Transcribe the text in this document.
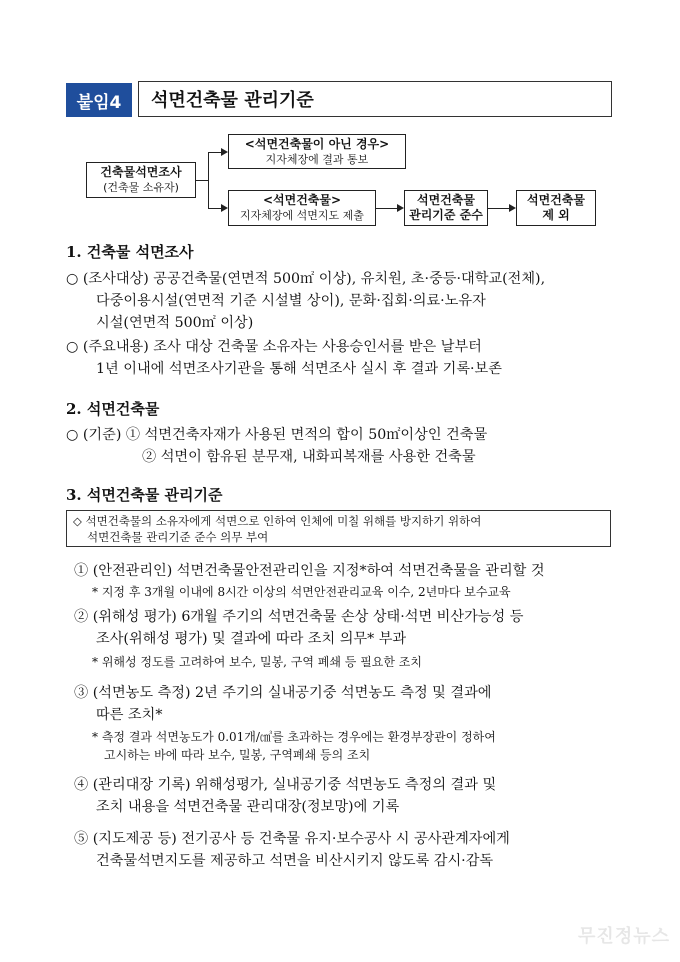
붙임4	석면건축물 관리기준
건축물석면조사
(건축물 소유자)
<석면건축물이 아닌 경우>
지자체장에 결과 통보
<석면건축물>
지자체장에 석면지도 제출
석면건축물
관리기준 준수
석면건축물
제 외
1. 건축물 석면조사
○ (조사대상) 공공건축물(연면적 500㎡ 이상), 유치원, 초·중등·대학교(전체),
다중이용시설(연면적 기준 시설별 상이), 문화·집회·의료·노유자
시설(연면적 500㎡ 이상)
○ (주요내용) 조사 대상 건축물 소유자는 사용승인서를 받은 날부터
1년 이내에 석면조사기관을 통해 석면조사 실시 후 결과 기록·보존
2. 석면건축물
○ (기준) ① 석면건축자재가 사용된 면적의 합이 50㎡이상인 건축물
② 석면이 함유된 분무재, 내화피복재를 사용한 건축물
3. 석면건축물 관리기준
◇ 석면건축물의 소유자에게 석면으로 인하여 인체에 미칠 위해를 방지하기 위하여
석면건축물 관리기준 준수 의무 부여
① (안전관리인) 석면건축물안전관리인을 지정*하여 석면건축물을 관리할 것
* 지정 후 3개월 이내에 8시간 이상의 석면안전관리교육 이수, 2년마다 보수교육
② (위해성 평가) 6개월 주기의 석면건축물 손상 상태·석면 비산가능성 등
조사(위해성 평가) 및 결과에 따라 조치 의무* 부과
* 위해성 정도를 고려하여 보수, 밀봉, 구역 폐쇄 등 필요한 조치
③ (석면농도 측정) 2년 주기의 실내공기중 석면농도 측정 및 결과에
따른 조치*
* 측정 결과 석면농도가 0.01개/㎤를 초과하는 경우에는 환경부장관이 정하여
고시하는 바에 따라 보수, 밀봉, 구역폐쇄 등의 조치
④ (관리대장 기록) 위해성평가, 실내공기중 석면농도 측정의 결과 및
조치 내용을 석면건축물 관리대장(정보망)에 기록
⑤ (지도제공 등) 전기공사 등 건축물 유지·보수공사 시 공사관계자에게
건축물석면지도를 제공하고 석면을 비산시키지 않도록 감시·감독
무진정뉴스
